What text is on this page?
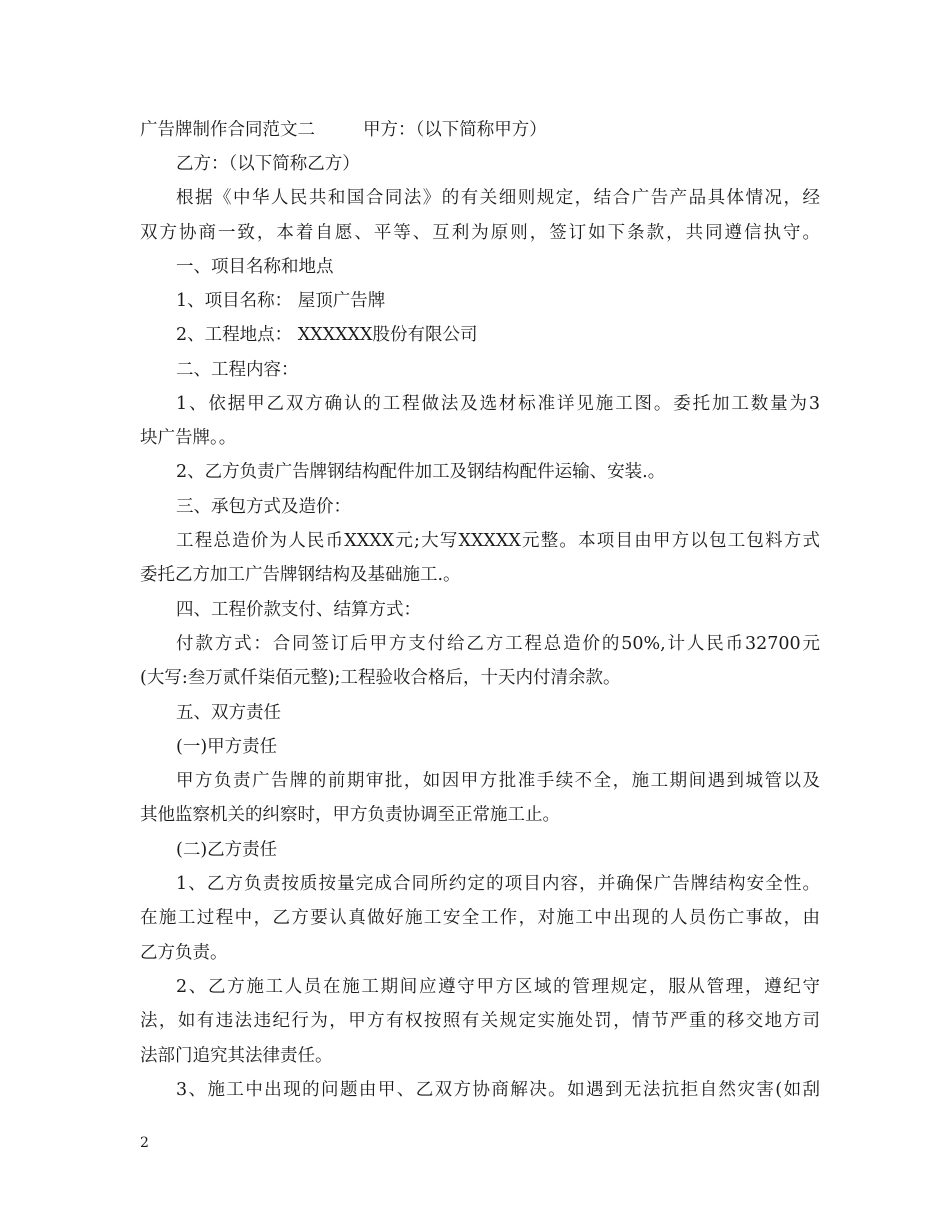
广告牌制作合同范文二	甲方：（以下简称甲方）
乙方：（以下简称乙方）
根据《中华人民共和国合同法》的有关细则规定，结合广告产品具体情况，经
双方协商一致，本着自愿、平等、互利为原则，签订如下条款，共同遵信执守。
一、项目名称和地点
1、项目名称： 屋顶广告牌
2、工程地点： XXXXXX股份有限公司
二、工程内容：
1、依据甲乙双方确认的工程做法及选材标准详见施工图。委托加工数量为3
块广告牌。。
2、乙方负责广告牌钢结构配件加工及钢结构配件运输、安装.。
三、承包方式及造价：
工程总造价为人民币XXXX元;大写XXXXX元整。本项目由甲方以包工包料方式
委托乙方加工广告牌钢结构及基础施工.。
四、工程价款支付、结算方式：
付款方式：合同签订后甲方支付给乙方工程总造价的50%,计人民币32700元
(大写:叁万贰仟柒佰元整);工程验收合格后，十天内付清余款。
五、双方责任
(一)甲方责任
甲方负责广告牌的前期审批，如因甲方批准手续不全，施工期间遇到城管以及
其他监察机关的纠察时，甲方负责协调至正常施工止。
(二)乙方责任
1、乙方负责按质按量完成合同所约定的项目内容，并确保广告牌结构安全性。
在施工过程中，乙方要认真做好施工安全工作，对施工中出现的人员伤亡事故，由
乙方负责。
2、乙方施工人员在施工期间应遵守甲方区域的管理规定，服从管理，遵纪守
法，如有违法违纪行为，甲方有权按照有关规定实施处罚，情节严重的移交地方司
法部门追究其法律责任。
3、施工中出现的问题由甲、乙双方协商解决。如遇到无法抗拒自然灾害(如刮
2
